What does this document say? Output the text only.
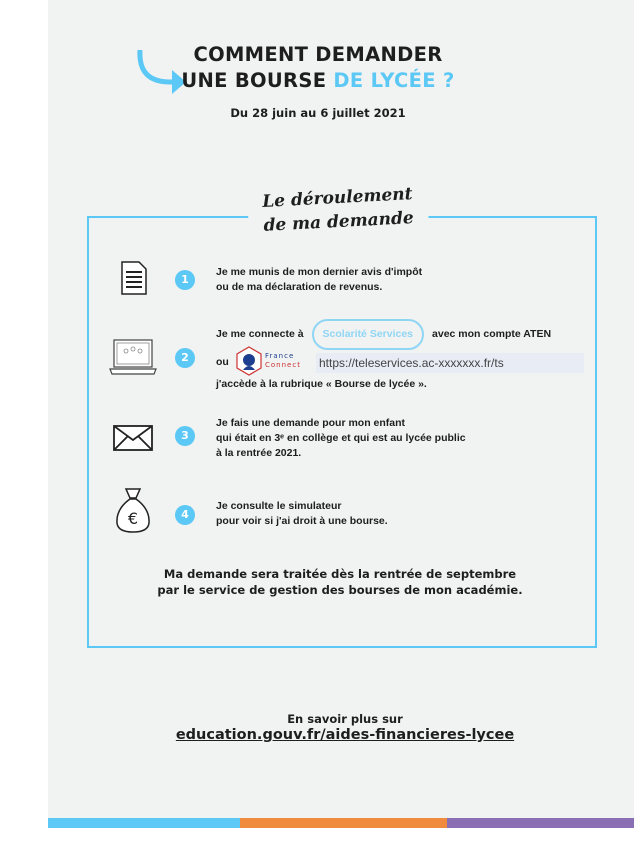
COMMENT DEMANDER
UNE BOURSE DE LYCÉE ?
Du 28 juin au 6 juillet 2021
Le déroulement
de ma demande
1
Je me munis de mon dernier avis d'impôt
ou de ma déclaration de revenus.
2
Je me connecte à	Scolarité Services	avec mon compte ATEN
ou	France
Connect https://teleservices.ac-xxxxxxx.fr/ts
j'accède à la rubrique « Bourse de lycée ».
3
Je fais une demande pour mon enfant
qui était en 3ᵉ en collège et qui est au lycée public
à la rentrée 2021.
€	4
Je consulte le simulateur
pour voir si j'ai droit à une bourse.
Ma demande sera traitée dès la rentrée de septembre
par le service de gestion des bourses de mon académie.
En savoir plus sur
education.gouv.fr/aides-financieres-lycee
